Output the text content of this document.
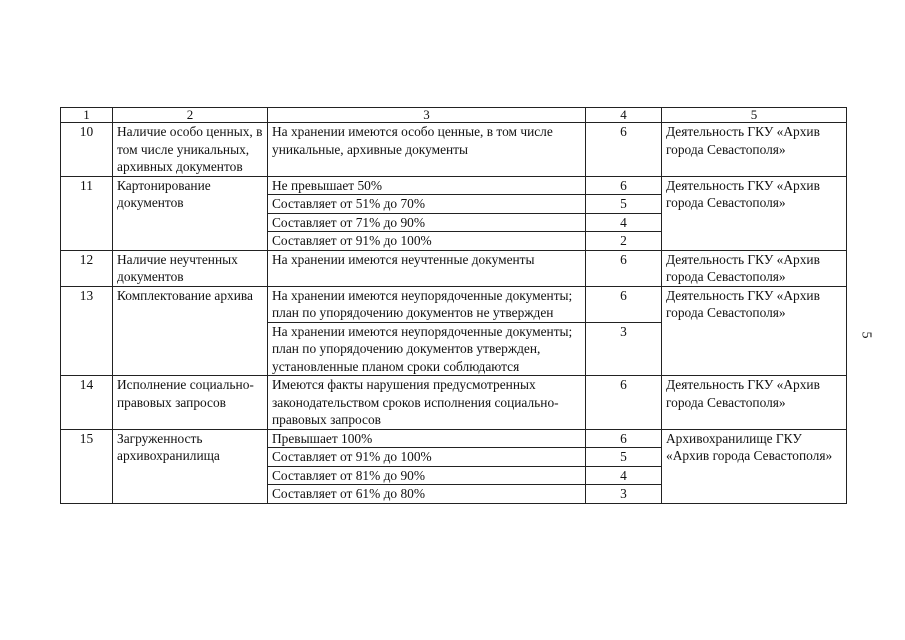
1	2	3	4	5
10	Наличие особо ценных, в том числе уникальных, архивных документов	На хранении имеются особо ценные, в том числе уникальные, архивные документы	6	Деятельность ГКУ «Архив города Севастополя»
11	Картонирование документов	Не превышает 50%	6	Деятельность ГКУ «Архив города Севастополя»
		Составляет от 51% до 70%	5	
		Составляет от 71% до 90%	4	
		Составляет от 91% до 100%	2	
12	Наличие неучтенных документов	На хранении имеются неучтенные документы	6	Деятельность ГКУ «Архив города Севастополя»
13	Комплектование архива	На хранении имеются неупорядоченные документы; план по упорядочению документов не утвержден	6	Деятельность ГКУ «Архив города Севастополя»
		На хранении имеются неупорядоченные документы; план по упорядочению документов утвержден, установленные планом сроки соблюдаются	3	
14	Исполнение социально-правовых запросов	Имеются факты нарушения предусмотренных законодательством сроков исполнения социально-правовых запросов	6	Деятельность ГКУ «Архив города Севастополя»
15	Загруженность архивохранилища	Превышает 100%	6	Архивохранилище ГКУ «Архив города Севастополя»
		Составляет от 91% до 100%	5	
		Составляет от 81% до 90%	4	
		Составляет от 61% до 80%	3	
5
